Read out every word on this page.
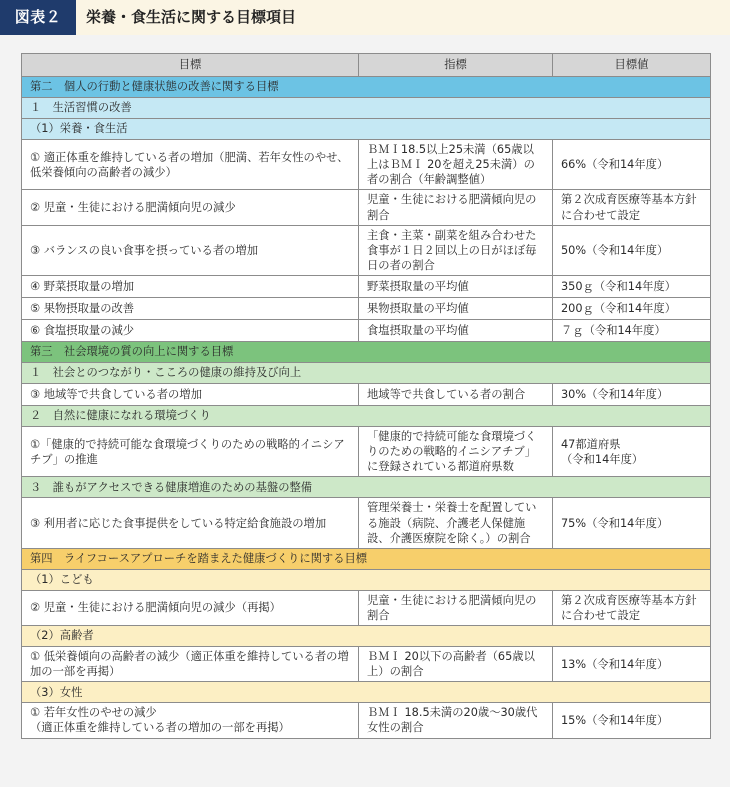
図表２	栄養・食生活に関する目標項目
目標	指標	目標値
第二　個人の行動と健康状態の改善に関する目標		
１　生活習慣の改善		
（1）栄養・食生活		
① 適正体重を維持している者の増加（肥満、若年女性のやせ、低栄養傾向の高齢者の減少）	ＢＭＩ18.5以上25未満（65歳以上はＢＭＩ 20を超え25未満）の者の割合（年齢調整値）	66%（令和14年度）
② 児童・生徒における肥満傾向児の減少	児童・生徒における肥満傾向児の割合	第２次成育医療等基本方針に合わせて設定
③ バランスの良い食事を摂っている者の増加	主食・主菜・副菜を組み合わせた食事が１日２回以上の日がほぼ毎日の者の割合	50%（令和14年度）
④ 野菜摂取量の増加	野菜摂取量の平均値	350ｇ（令和14年度）
⑤ 果物摂取量の改善	果物摂取量の平均値	200ｇ（令和14年度）
⑥ 食塩摂取量の減少	食塩摂取量の平均値	７ｇ（令和14年度）
第三　社会環境の質の向上に関する目標		
１　社会とのつながり・こころの健康の維持及び向上		
③ 地域等で共食している者の増加	地域等で共食している者の割合	30%（令和14年度）
２　自然に健康になれる環境づくり		
①「健康的で持続可能な食環境づくりのための戦略的イニシアチブ」の推進	「健康的で持続可能な食環境づくりのための戦略的イニシアチブ」に登録されている都道府県数	47都道府県
（令和14年度）
３　誰もがアクセスできる健康増進のための基盤の整備		
③ 利用者に応じた食事提供をしている特定給食施設の増加	管理栄養士・栄養士を配置している施設（病院、介護老人保健施設、介護医療院を除く。）の割合	75%（令和14年度）
第四　ライフコースアプローチを踏まえた健康づくりに関する目標		
（1）こども		
② 児童・生徒における肥満傾向児の減少（再掲）	児童・生徒における肥満傾向児の割合	第２次成育医療等基本方針に合わせて設定
（2）高齢者		
① 低栄養傾向の高齢者の減少（適正体重を維持している者の増加の一部を再掲）	ＢＭＩ 20以下の高齢者（65歳以上）の割合	13%（令和14年度）
（3）女性		
① 若年女性のやせの減少
（適正体重を維持している者の増加の一部を再掲）	ＢＭＩ 18.5未満の20歳～30歳代女性の割合	15%（令和14年度）
